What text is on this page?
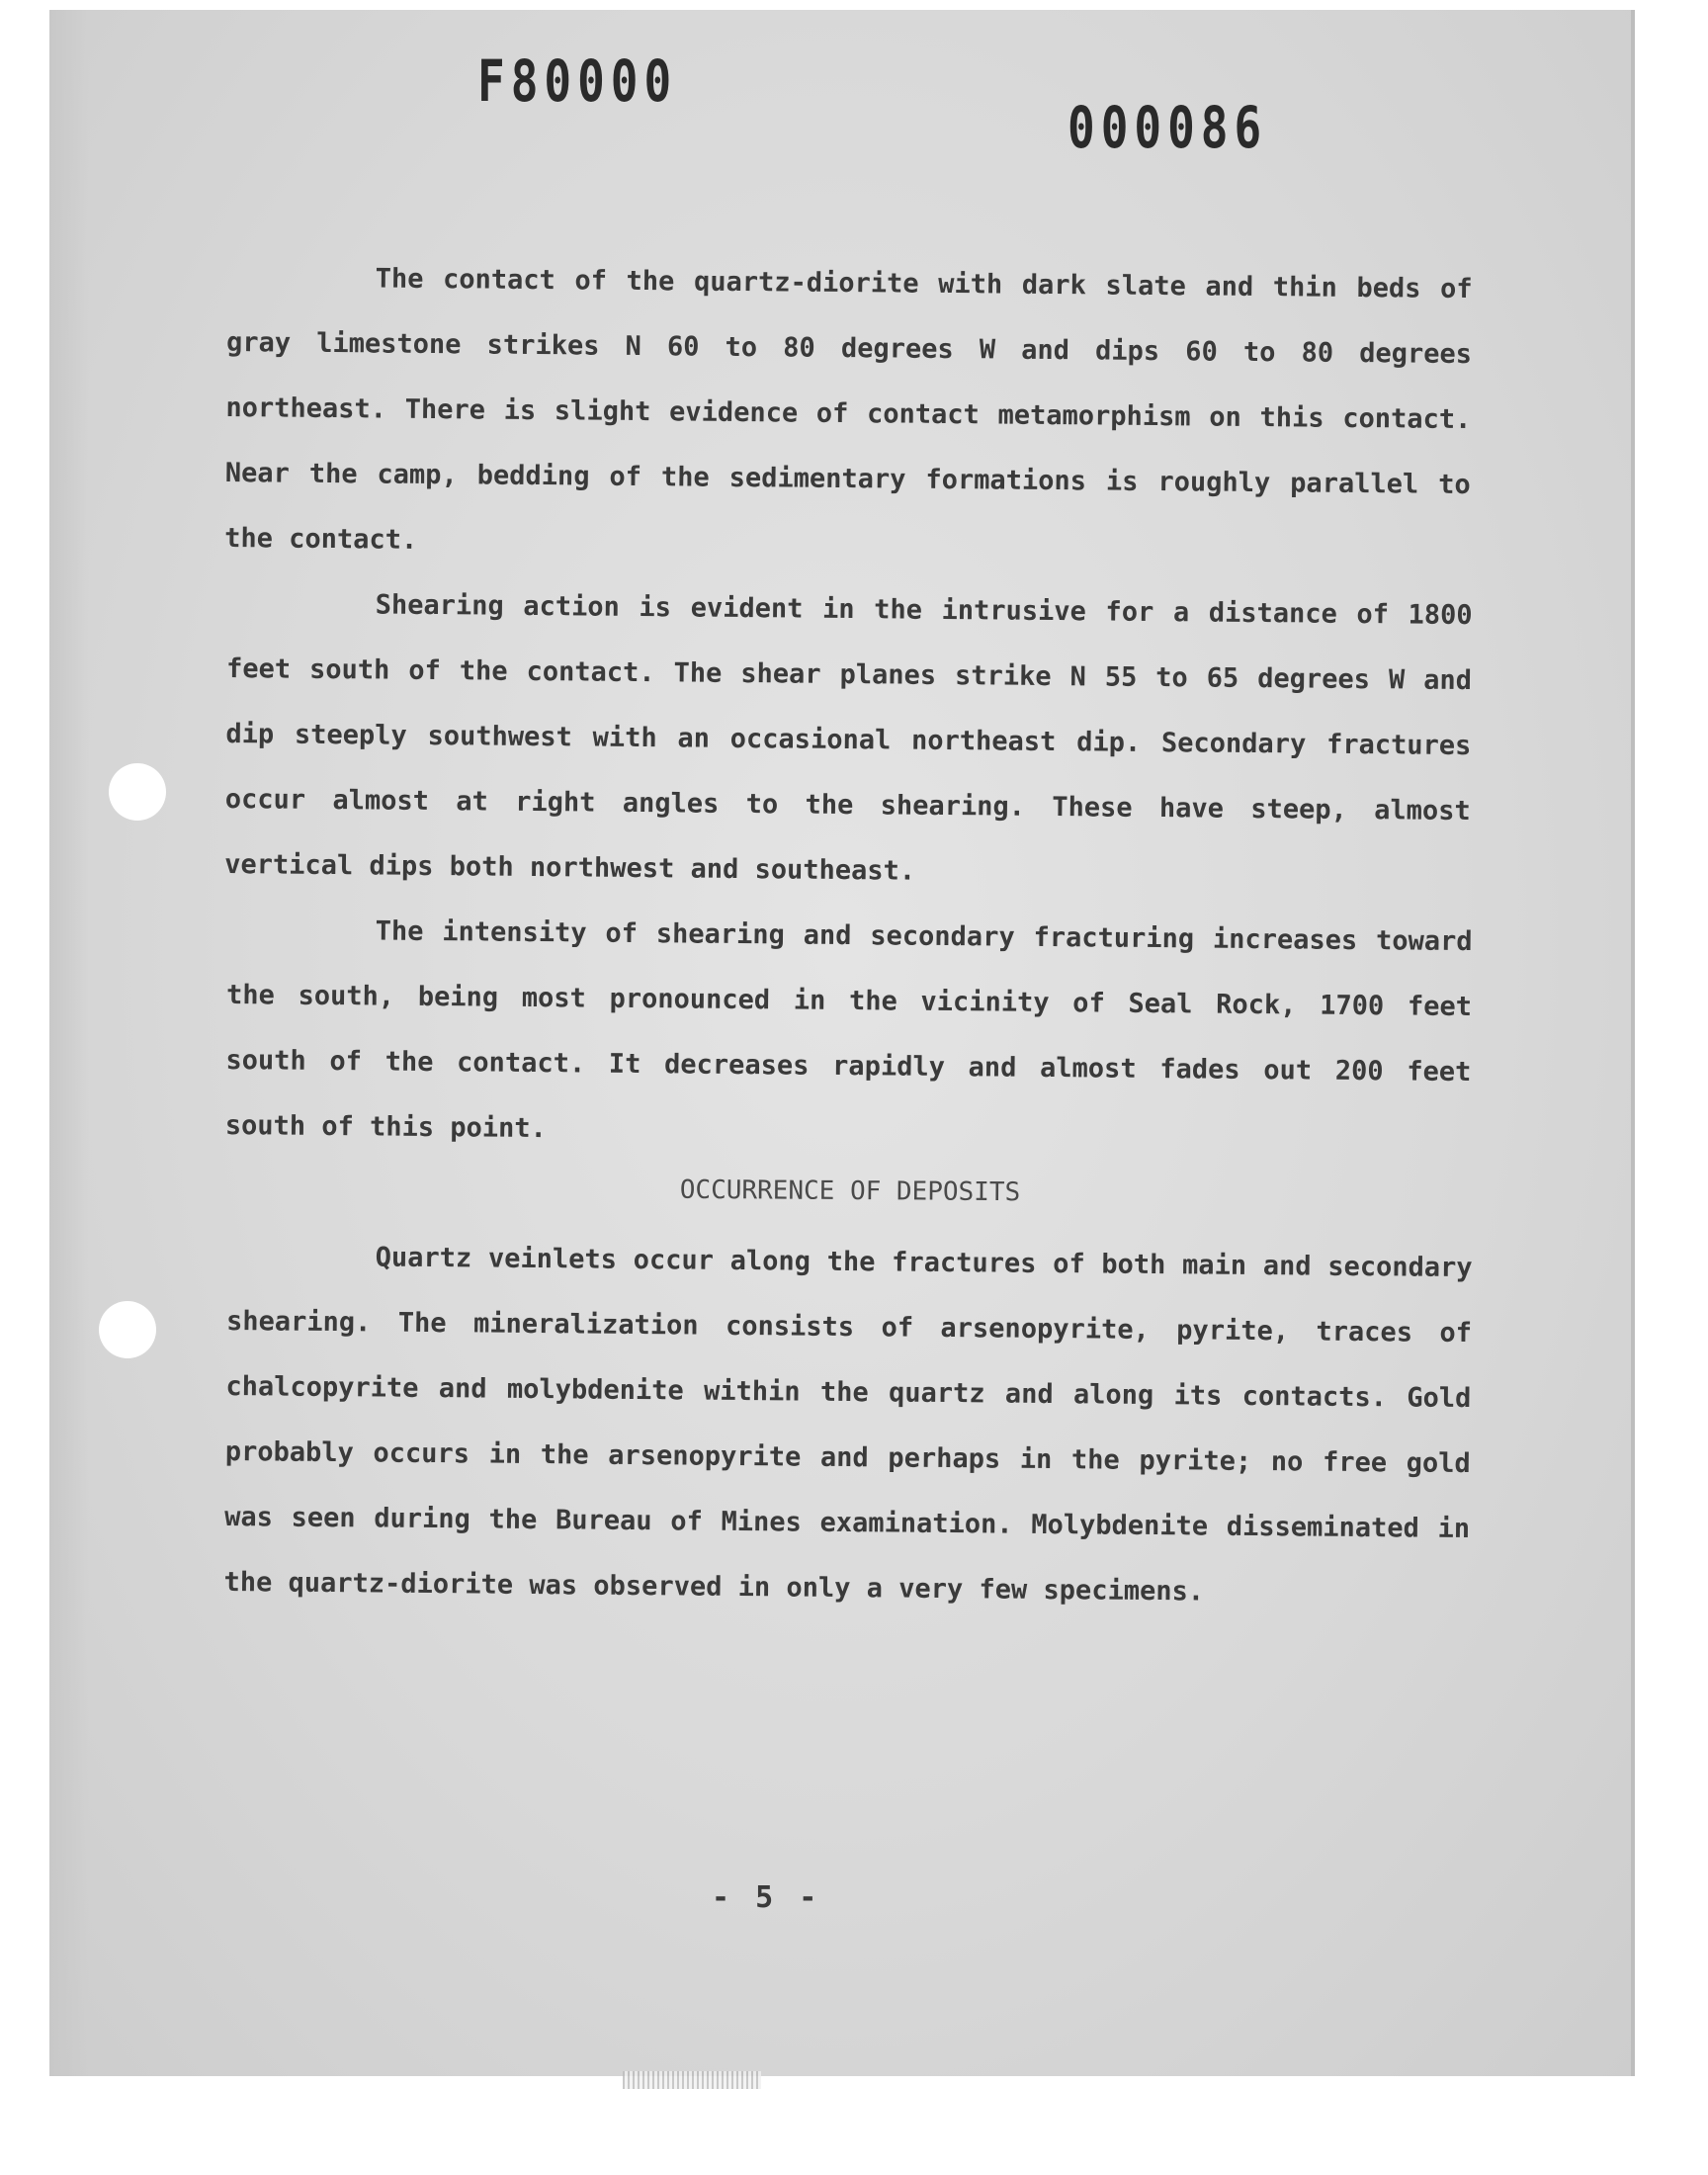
F80000
000086

The contact of the quartz-diorite with dark slate and thin beds of gray limestone strikes N 60 to 80 degrees W and dips 60 to 80 degrees northeast. There is slight evidence of contact metamorphism on this contact. Near the camp, bedding of the sedimentary formations is roughly parallel to the contact.

Shearing action is evident in the intrusive for a distance of 1800 feet south of the contact. The shear planes strike N 55 to 65 degrees W and dip steeply southwest with an occasional northeast dip. Secondary fractures occur almost at right angles to the shearing. These have steep, almost vertical dips both northwest and southeast.

The intensity of shearing and secondary fracturing increases toward the south, being most pronounced in the vicinity of Seal Rock, 1700 feet south of the contact. It decreases rapidly and almost fades out 200 feet south of this point.

OCCURRENCE OF DEPOSITS

Quartz veinlets occur along the fractures of both main and secondary shearing. The mineralization consists of arsenopyrite, pyrite, traces of chalcopyrite and molybdenite within the quartz and along its contacts. Gold probably occurs in the arsenopyrite and perhaps in the pyrite; no free gold was seen during the Bureau of Mines examination. Molybdenite disseminated in the quartz-diorite was observed in only a very few specimens.

- 5 -
